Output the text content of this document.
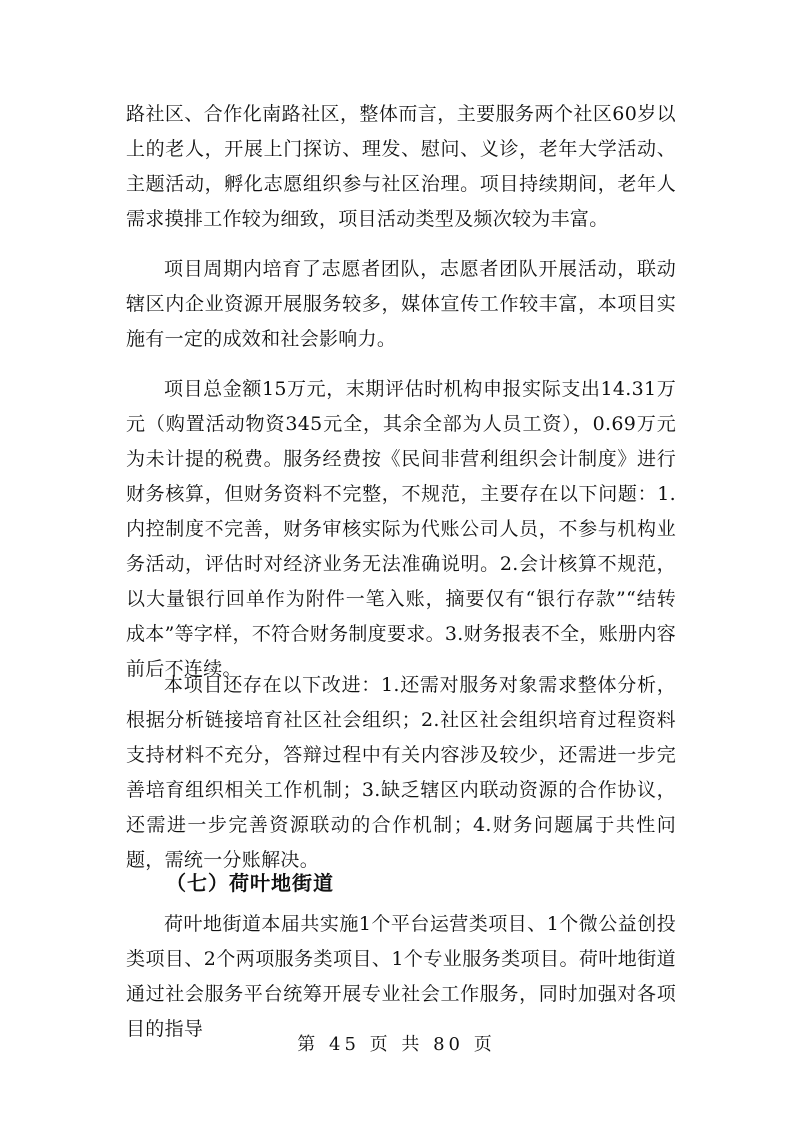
路社区、合作化南路社区，整体而言，主要服务两个社区60岁以上的老人，开展上门探访、理发、慰问、义诊，老年大学活动、主题活动，孵化志愿组织参与社区治理。项目持续期间，老年人需求摸排工作较为细致，项目活动类型及频次较为丰富。

项目周期内培育了志愿者团队，志愿者团队开展活动，联动辖区内企业资源开展服务较多，媒体宣传工作较丰富，本项目实施有一定的成效和社会影响力。

项目总金额15万元，末期评估时机构申报实际支出14.31万元（购置活动物资345元全，其余全部为人员工资），0.69万元为未计提的税费。服务经费按《民间非营利组织会计制度》进行财务核算，但财务资料不完整，不规范，主要存在以下问题：1.内控制度不完善，财务审核实际为代账公司人员，不参与机构业务活动，评估时对经济业务无法准确说明。2.会计核算不规范，以大量银行回单作为附件一笔入账，摘要仅有“银行存款”“结转成本”等字样，不符合财务制度要求。3.财务报表不全，账册内容前后不连续。

本项目还存在以下改进：1.还需对服务对象需求整体分析，根据分析链接培育社区社会组织；2.社区社会组织培育过程资料支持材料不充分，答辩过程中有关内容涉及较少，还需进一步完善培育组织相关工作机制；3.缺乏辖区内联动资源的合作协议，还需进一步完善资源联动的合作机制；4.财务问题属于共性问题，需统一分账解决。

（七）荷叶地街道

荷叶地街道本届共实施1个平台运营类项目、1个微公益创投类项目、2个两项服务类项目、1个专业服务类项目。荷叶地街道通过社会服务平台统筹开展专业社会工作服务，同时加强对各项目的指导

第 45 页 共 80 页
